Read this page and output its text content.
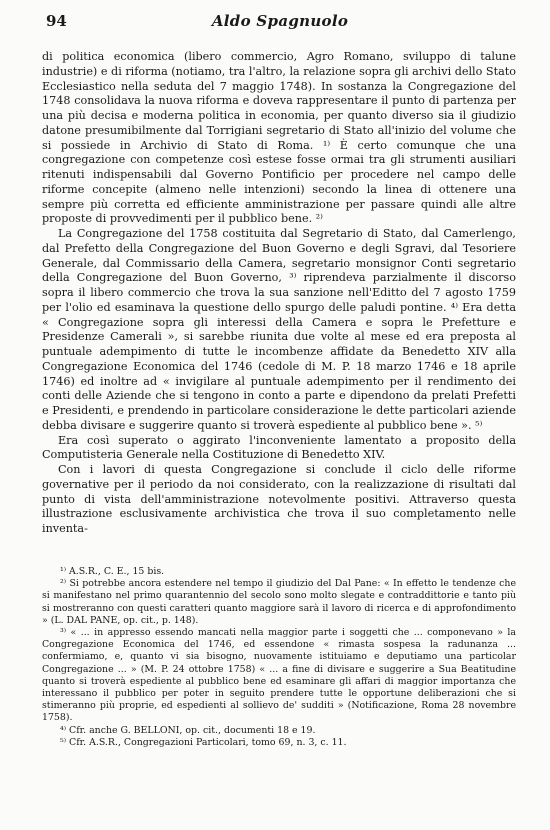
94	Aldo Spagnuolo

di politica economica (libero commercio, Agro Romano, sviluppo di talune industrie) e di riforma (notiamo, tra l'altro, la relazione sopra gli archivi dello Stato Ecclesiastico nella seduta del 7 maggio 1748). In sostanza la Congregazione del 1748 consolidava la nuova riforma e doveva rappresentare il punto di partenza per una più decisa e moderna politica in economia, per quanto diverso sia il giudizio datone presumibilmente dal Torrigiani segretario di Stato all'inizio del volume che si possiede in Archivio di Stato di Roma. ¹⁾ È certo comunque che una congregazione con competenze così estese fosse ormai tra gli strumenti ausiliari ritenuti indispensabili dal Governo Pontificio per procedere nel campo delle riforme concepite (almeno nelle intenzioni) secondo la linea di ottenere una sempre più corretta ed efficiente amministrazione per passare quindi alle altre proposte di provvedimenti per il pubblico bene. ²⁾

La Congregazione del 1758 costituita dal Segretario di Stato, dal Camerlengo, dal Prefetto della Congregazione del Buon Governo e degli Sgravi, dal Tesoriere Generale, dal Commissario della Camera, segretario monsignor Conti segretario della Congregazione del Buon Governo, ³⁾ riprendeva parzialmente il discorso sopra il libero commercio che trova la sua sanzione nell'Editto del 7 agosto 1759 per l'olio ed esaminava la questione dello spurgo delle paludi pontine. ⁴⁾ Era detta « Congregazione sopra gli interessi della Camera e sopra le Prefetture e Presidenze Camerali », si sarebbe riunita due volte al mese ed era preposta al puntuale adempimento di tutte le incombenze affidate da Benedetto XIV alla Congregazione Economica del 1746 (cedole di M. P. 18 marzo 1746 e 18 aprile 1746) ed inoltre ad « invigilare al puntuale adempimento per il rendimento dei conti delle Aziende che si tengono in conto a parte e dipendono da prelati Prefetti e Presidenti, e prendendo in particolare considerazione le dette particolari aziende debba divisare e suggerire quanto si troverà espediente al pubblico bene ». ⁵⁾

Era così superato o aggirato l'inconveniente lamentato a proposito della Computisteria Generale nella Costituzione di Benedetto XIV.

Con i lavori di questa Congregazione si conclude il ciclo delle riforme governative per il periodo da noi considerato, con la realizzazione di risultati dal punto di vista dell'amministrazione notevolmente positivi. Attraverso questa illustrazione esclusivamente archivistica che trova il suo completamento nelle inventa-

¹⁾ A.S.R., C. E., 15 bis.

²⁾ Si potrebbe ancora estendere nel tempo il giudizio del Dal Pane: « In effetto le tendenze che si manifestano nel primo quarantennio del secolo sono molto slegate e contraddittorie e tanto più si mostreranno con questi caratteri quanto maggiore sarà il lavoro di ricerca e di approfondimento » (L. DAL PANE, op. cit., p. 148).

³⁾ « ... in appresso essendo mancati nella maggior parte i soggetti che ... componevano » la Congregazione Economica del 1746, ed essendone « rimasta sospesa la radunanza ... confermiamo, e, quanto vi sia bisogno, nuovamente istituiamo e deputiamo una particolar Congregazione ... » (M. P. 24 ottobre 1758) « ... a fine di divisare e suggerire a Sua Beatitudine quanto si troverà espediente al pubblico bene ed esaminare gli affari di maggior importanza che interessano il pubblico per poter in seguito prendere tutte le opportune deliberazioni che si stimeranno più proprie, ed espedienti al sollievo de' sudditi » (Notificazione, Roma 28 novembre 1758).

⁴⁾ Cfr. anche G. BELLONI, op. cit., documenti 18 e 19.

⁵⁾ Cfr. A.S.R., Congregazioni Particolari, tomo 69, n. 3, c. 11.
